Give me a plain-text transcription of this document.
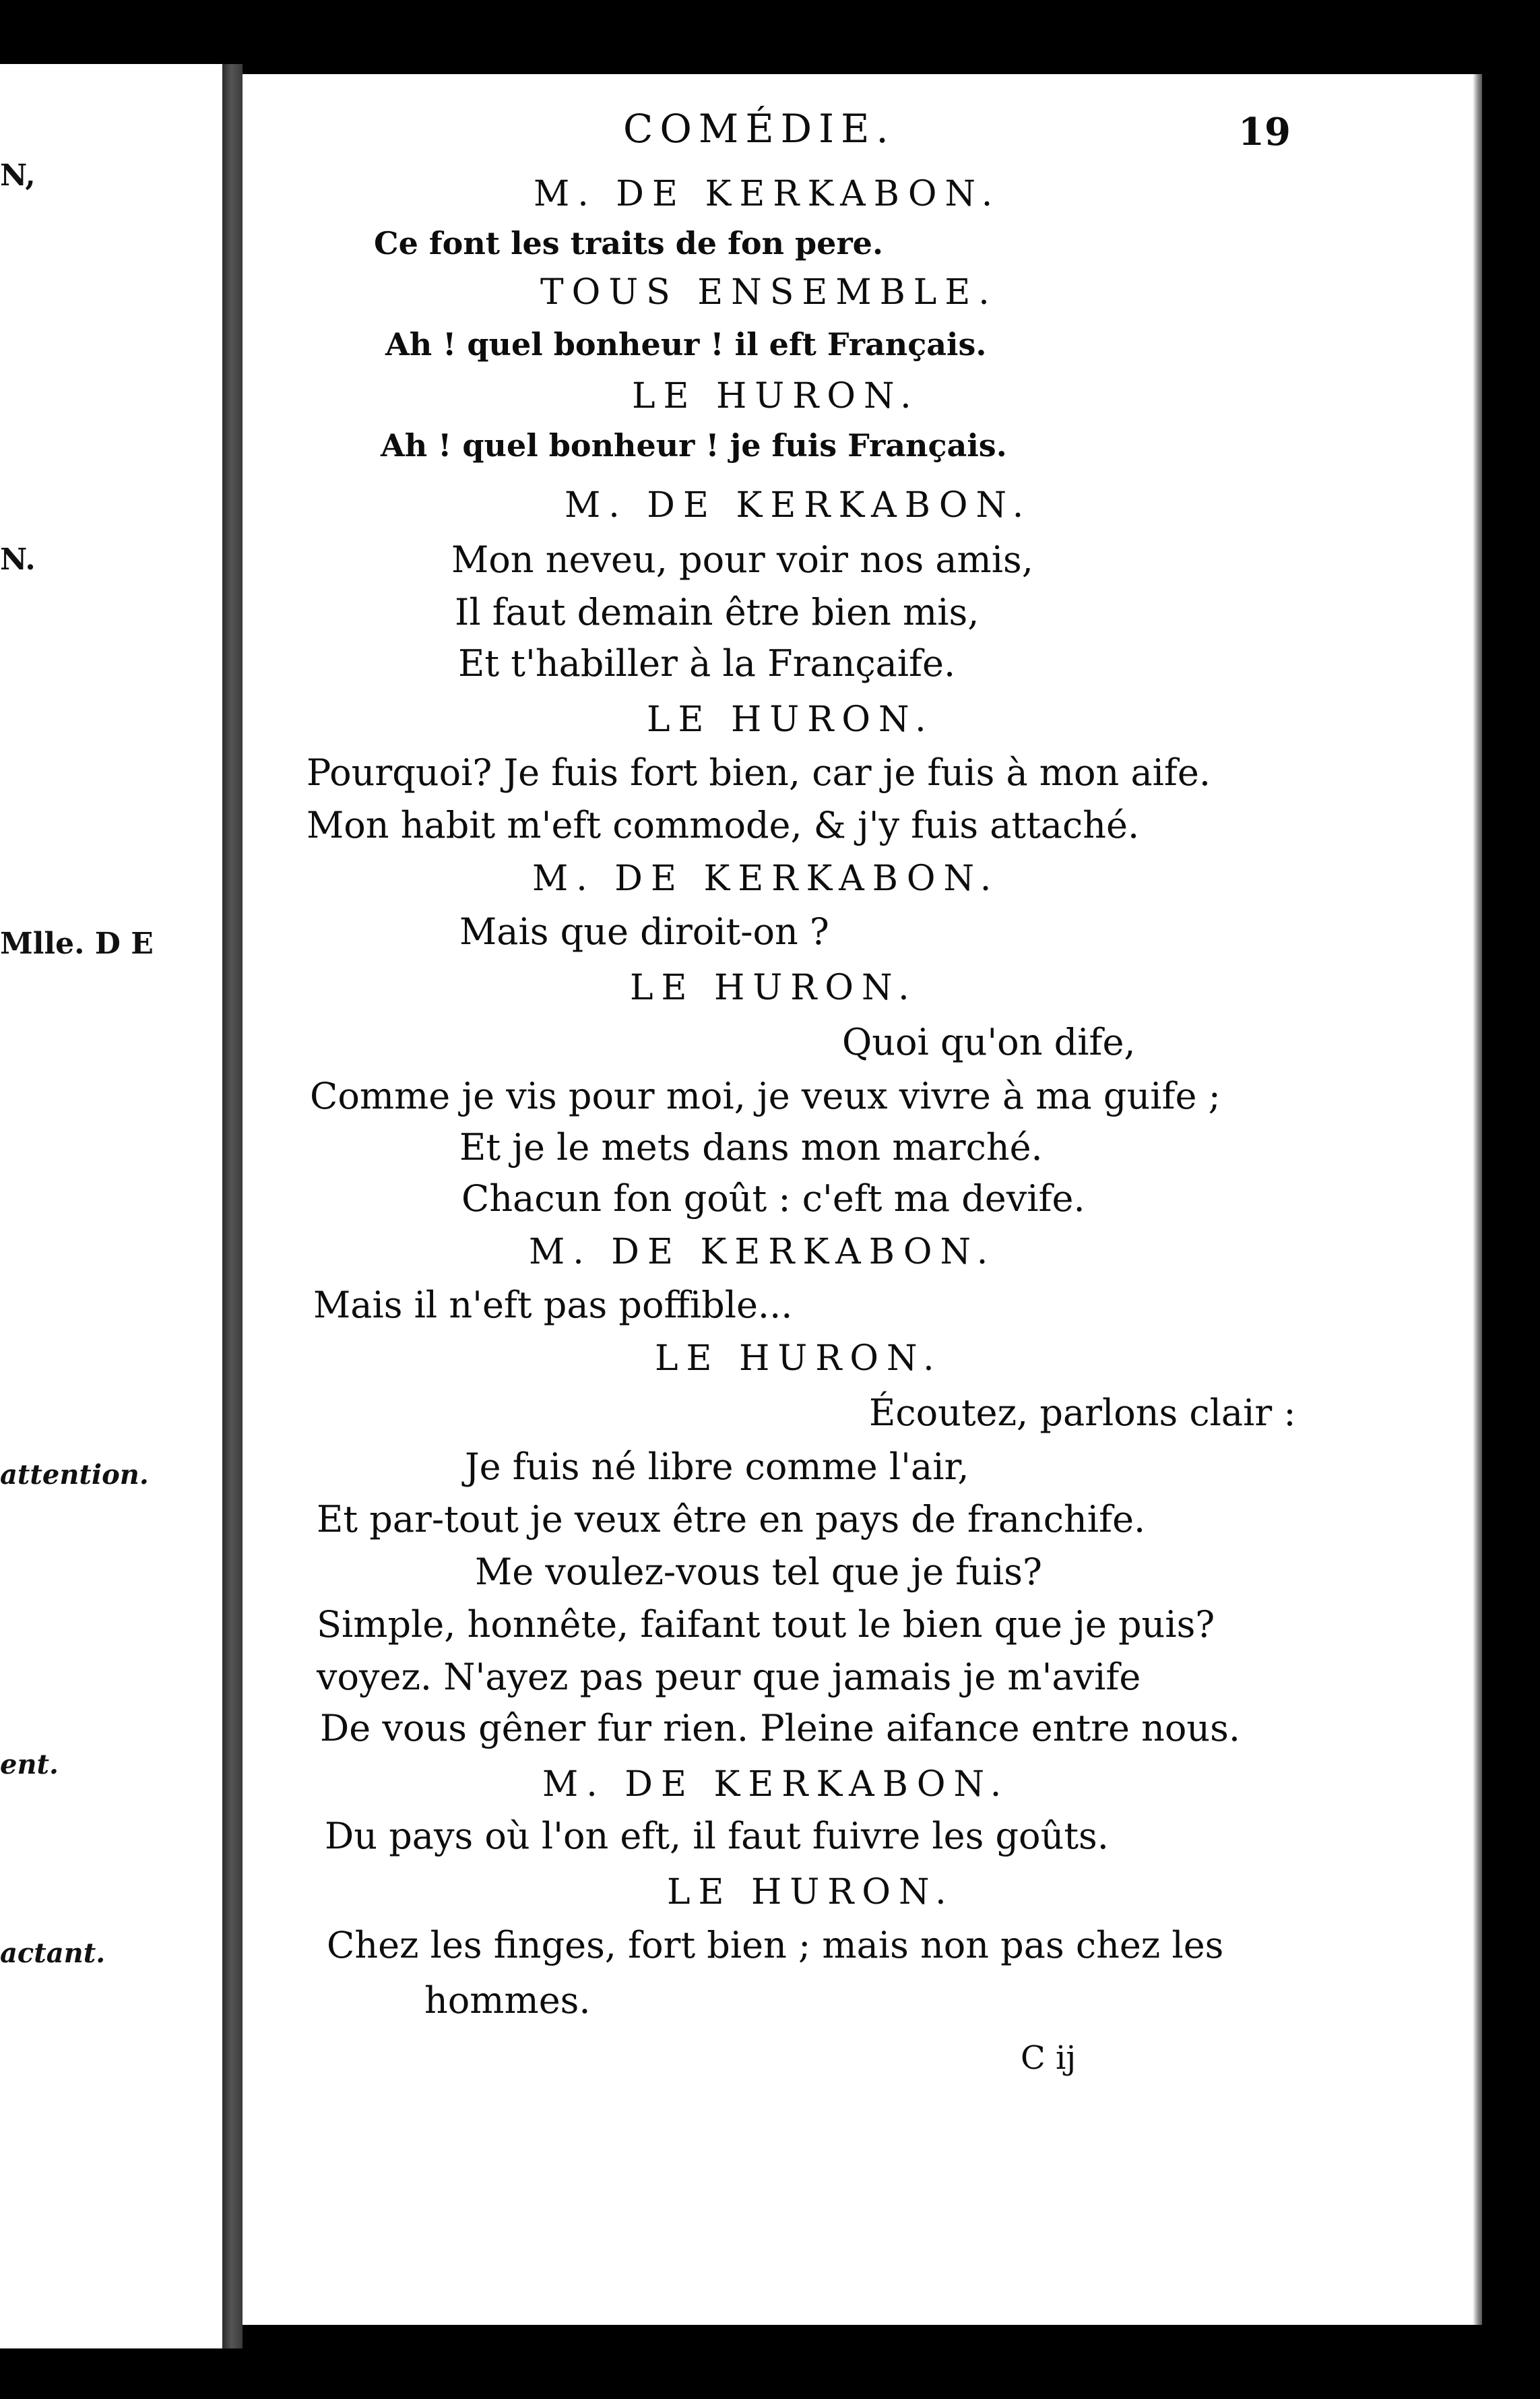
N,
N.
Mlle. D E
attention.
ent.
actant.
COMÉDIE.	19
M. DE KERKABON.
Ce font les traits de fon pere.
TOUS ENSEMBLE.
Ah ! quel bonheur ! il eft Français.
LE HURON.
Ah ! quel bonheur ! je fuis Français.
M. DE KERKABON.
Mon neveu, pour voir nos amis,
Il faut demain être bien mis,
Et t'habiller à la Françaife.
LE HURON.
Pourquoi? Je fuis fort bien, car je fuis à mon aife.
Mon habit m'eft commode, & j'y fuis attaché.
M. DE KERKABON.
Mais que diroit-on ?
LE HURON.
Quoi qu'on dife,
Comme je vis pour moi, je veux vivre à ma guife ;
Et je le mets dans mon marché.
Chacun fon goût : c'eft ma devife.
M. DE KERKABON.
Mais il n'eft pas poffible...
LE HURON.
Écoutez, parlons clair :
Je fuis né libre comme l'air,
Et par-tout je veux être en pays de franchife.
Me voulez-vous tel que je fuis?
Simple, honnête, faifant tout le bien que je puis?
voyez. N'ayez pas peur que jamais je m'avife
De vous gêner fur rien. Pleine aifance entre nous.
M. DE KERKABON.
Du pays où l'on eft, il faut fuivre les goûts.
LE HURON.
Chez les finges, fort bien ; mais non pas chez les
hommes.
C ij
